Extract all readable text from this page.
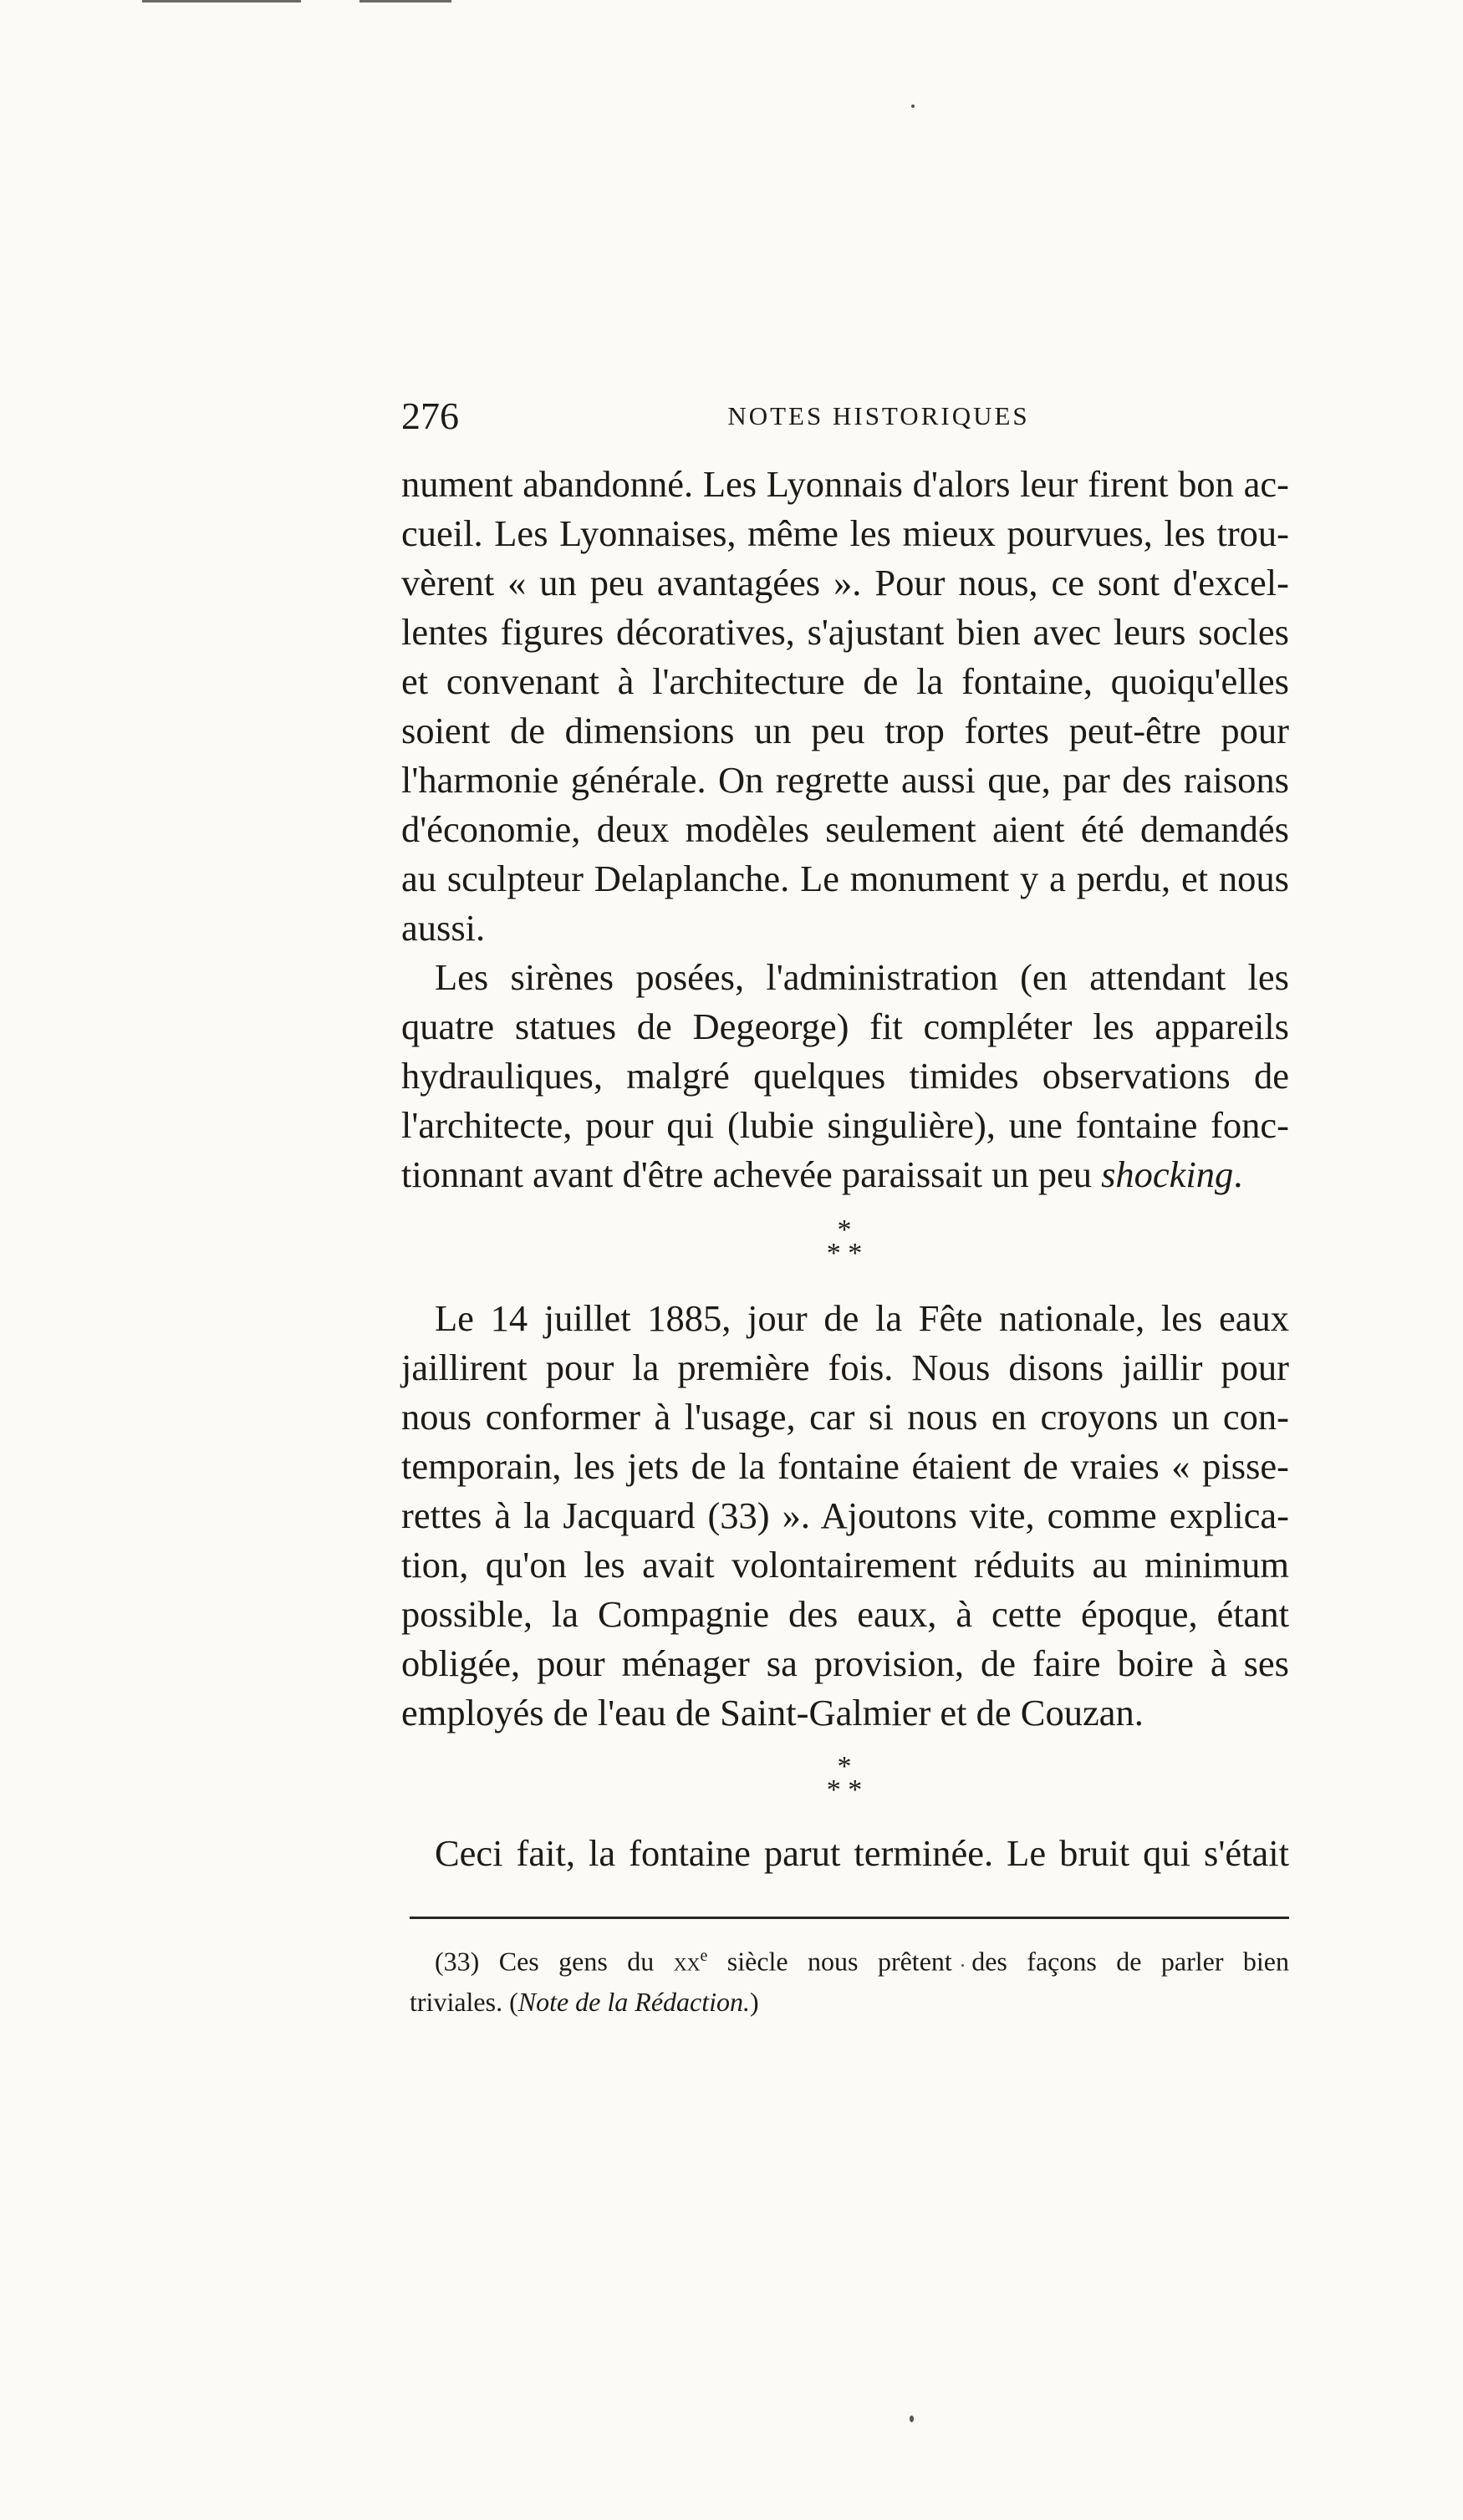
276	NOTES HISTORIQUES
nument abandonné. Les Lyonnais d'alors leur firent bon ac-
cueil. Les Lyonnaises, même les mieux pourvues, les trou-
vèrent « un peu avantagées ». Pour nous, ce sont d'excel-
lentes figures décoratives, s'ajustant bien avec leurs socles
et convenant à l'architecture de la fontaine, quoiqu'elles
soient de dimensions un peu trop fortes peut-être pour
l'harmonie générale. On regrette aussi que, par des raisons
d'économie, deux modèles seulement aient été demandés
au sculpteur Delaplanche. Le monument y a perdu, et nous
aussi.
Les sirènes posées, l'administration (en attendant les
quatre statues de Degeorge) fit compléter les appareils
hydrauliques, malgré quelques timides observations de
l'architecte, pour qui (lubie singulière), une fontaine fonc-
tionnant avant d'être achevée paraissait un peu shocking.
*
* *
Le 14 juillet 1885, jour de la Fête nationale, les eaux
jaillirent pour la première fois. Nous disons jaillir pour
nous conformer à l'usage, car si nous en croyons un con-
temporain, les jets de la fontaine étaient de vraies « pisse-
rettes à la Jacquard (33) ». Ajoutons vite, comme explica-
tion, qu'on les avait volontairement réduits au minimum
possible, la Compagnie des eaux, à cette époque, étant
obligée, pour ménager sa provision, de faire boire à ses
employés de l'eau de Saint-Galmier et de Couzan.
*
* *
Ceci fait, la fontaine parut terminée. Le bruit qui s'était
(33) Ces gens du $xx^e$ siècle nous prêtent des façons de parler bien
triviales. (Note de la Rédaction.)
